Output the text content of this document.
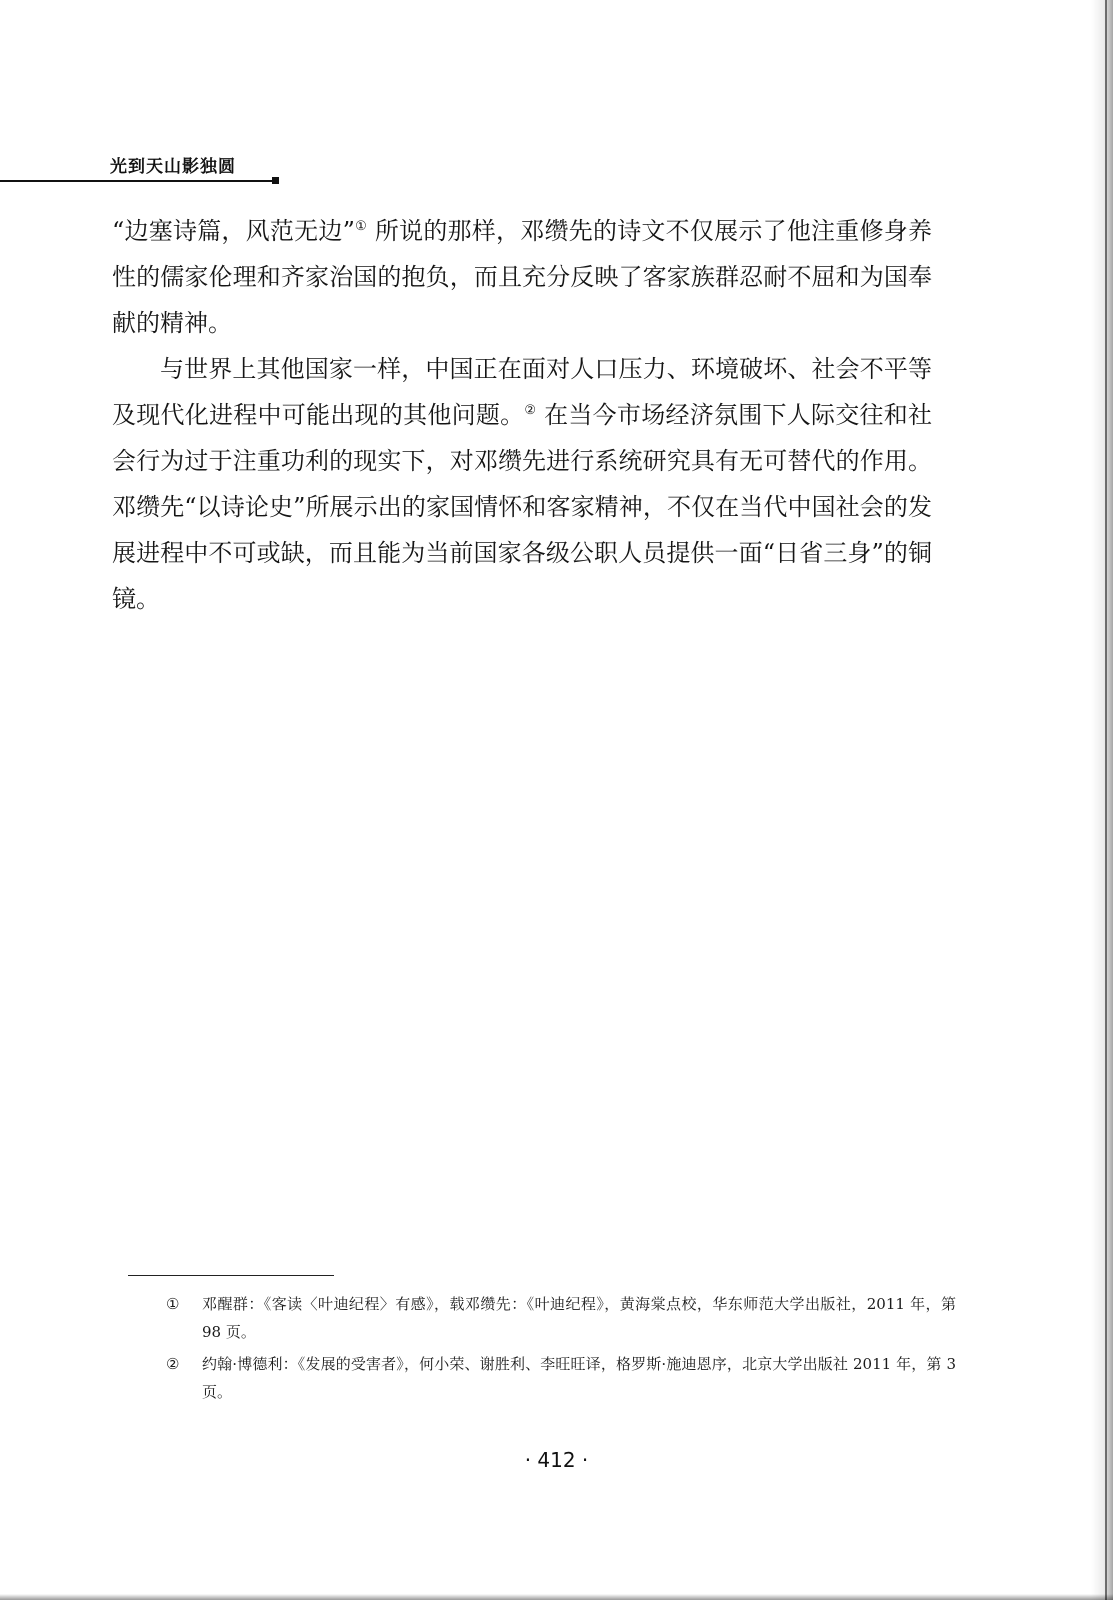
光到天山影独圆

“边塞诗篇，风范无边”① 所说的那样，邓缵先的诗文不仅展示了他注重修身养性的儒家伦理和齐家治国的抱负，而且充分反映了客家族群忍耐不屈和为国奉献的精神。

与世界上其他国家一样，中国正在面对人口压力、环境破坏、社会不平等及现代化进程中可能出现的其他问题。② 在当今市场经济氛围下人际交往和社会行为过于注重功利的现实下，对邓缵先进行系统研究具有无可替代的作用。邓缵先“以诗论史”所展示出的家国情怀和客家精神，不仅在当代中国社会的发展进程中不可或缺，而且能为当前国家各级公职人员提供一面“日省三身”的铜镜。

① 邓醒群：《客读〈叶迪纪程〉有感》，载邓缵先：《叶迪纪程》，黄海棠点校，华东师范大学出版社，2011 年，第 98 页。

② 约翰·博德利：《发展的受害者》，何小荣、谢胜利、李旺旺译，格罗斯·施迪恩序，北京大学出版社 2011 年，第 3 页。

· 412 ·
